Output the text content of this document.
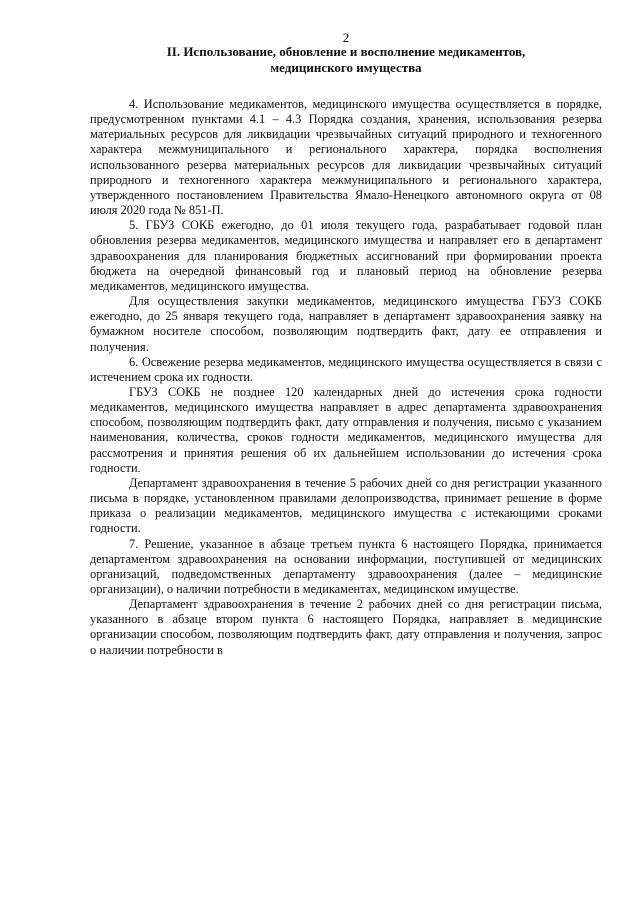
2
II. Использование, обновление и восполнение медикаментов,
медицинского имущества

4. Использование медикаментов, медицинского имущества осуществляется в порядке, предусмотренном пунктами 4.1 – 4.3 Порядка создания, хранения, использования резерва материальных ресурсов для ликвидации чрезвычайных ситуаций природного и техногенного характера межмуниципального и регионального характера, порядка восполнения использованного резерва материальных ресурсов для ликвидации чрезвычайных ситуаций природного и техногенного характера межмуниципального и регионального характера, утвержденного постановлением Правительства Ямало-Ненецкого автономного округа от 08 июля 2020 года № 851-П.

5. ГБУЗ СОКБ ежегодно, до 01 июля текущего года, разрабатывает годовой план обновления резерва медикаментов, медицинского имущества и направляет его в департамент здравоохранения для планирования бюджетных ассигнований при формировании проекта бюджета на очередной финансовый год и плановый период на обновление резерва медикаментов, медицинского имущества.

Для осуществления закупки медикаментов, медицинского имущества ГБУЗ СОКБ ежегодно, до 25 января текущего года, направляет в департамент здравоохранения заявку на бумажном носителе способом, позволяющим подтвердить факт, дату ее отправления и получения.

6. Освежение резерва медикаментов, медицинского имущества осуществляется в связи с истечением срока их годности.

ГБУЗ СОКБ не позднее 120 календарных дней до истечения срока годности медикаментов, медицинского имущества направляет в адрес департамента здравоохранения способом, позволяющим подтвердить факт, дату отправления и получения, письмо с указанием наименования, количества, сроков годности медикаментов, медицинского имущества для рассмотрения и принятия решения об их дальнейшем использовании до истечения срока годности.

Департамент здравоохранения в течение 5 рабочих дней со дня регистрации указанного письма в порядке, установленном правилами делопроизводства, принимает решение в форме приказа о реализации медикаментов, медицинского имущества с истекающими сроками годности.

7. Решение, указанное в абзаце третьем пункта 6 настоящего Порядка, принимается департаментом здравоохранения на основании информации, поступившей от медицинских организаций, подведомственных департаменту здравоохранения (далее – медицинские организации), о наличии потребности в медикаментах, медицинском имуществе.

Департамент здравоохранения в течение 2 рабочих дней со дня регистрации письма, указанного в абзаце втором пункта 6 настоящего Порядка, направляет в медицинские организации способом, позволяющим подтвердить факт, дату отправления и получения, запрос о наличии потребности в
